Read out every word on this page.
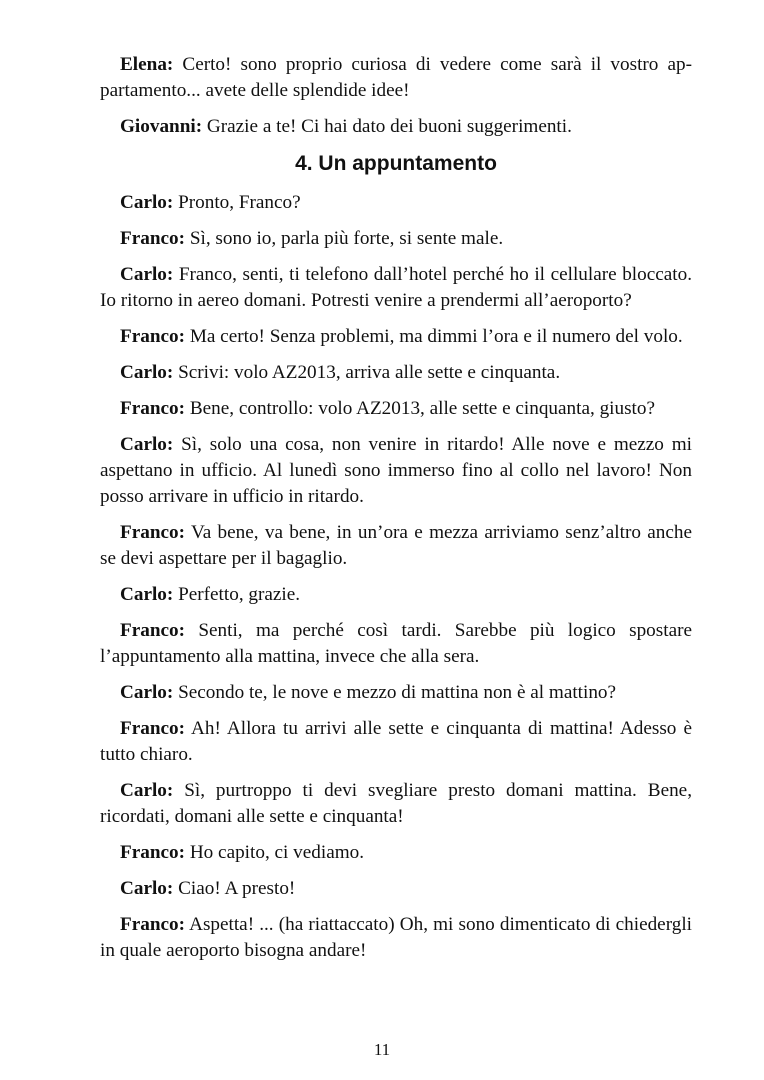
Elena: Certo! sono proprio curiosa di vedere come sarà il vostro appartamento... avete delle splendide idee!

Giovanni: Grazie a te! Ci hai dato dei buoni suggerimenti.

4. Un appuntamento

Carlo: Pronto, Franco?

Franco: Sì, sono io, parla più forte, si sente male.

Carlo: Franco, senti, ti telefono dall’hotel perché ho il cellulare bloccato. Io ritorno in aereo domani. Potresti venire a prendermi all’aeroporto?

Franco: Ma certo! Senza problemi, ma dimmi l’ora e il numero del volo.

Carlo: Scrivi: volo AZ2013, arriva alle sette e cinquanta.

Franco: Bene, controllo: volo AZ2013, alle sette e cinquanta, giusto?

Carlo: Sì, solo una cosa, non venire in ritardo! Alle nove e mezzo mi aspettano in ufficio. Al lunedì sono immerso fino al collo nel lavoro! Non posso arrivare in ufficio in ritardo.

Franco: Va bene, va bene, in un’ora e mezza arriviamo senz’altro anche se devi aspettare per il bagaglio.

Carlo: Perfetto, grazie.

Franco: Senti, ma perché così tardi. Sarebbe più logico spostare l’appuntamento alla mattina, invece che alla sera.

Carlo: Secondo te, le nove e mezzo di mattina non è al mattino?

Franco: Ah! Allora tu arrivi alle sette e cinquanta di mattina! Adesso è tutto chiaro.

Carlo: Sì, purtroppo ti devi svegliare presto domani mattina. Bene, ricordati, domani alle sette e cinquanta!

Franco: Ho capito, ci vediamo.

Carlo: Ciao! A presto!

Franco: Aspetta! ... (ha riattaccato) Oh, mi sono dimenticato di chiedergli in quale aeroporto bisogna andare!

11
